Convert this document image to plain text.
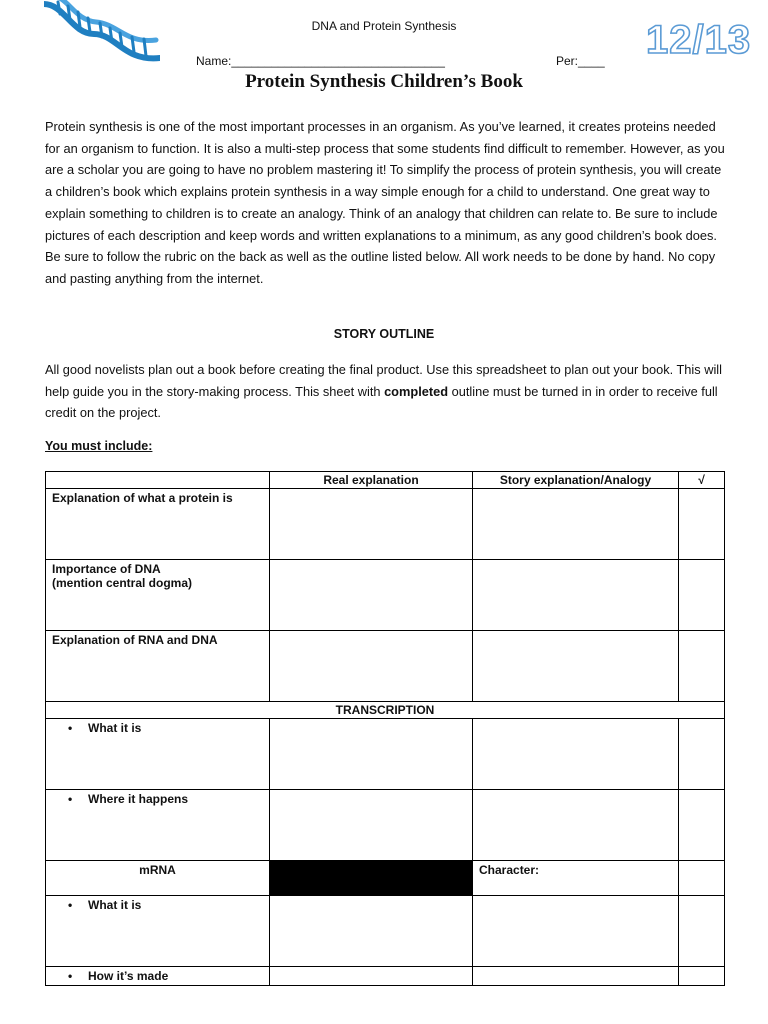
DNA and Protein Synthesis
Name:________________________________	Per:____ 12/13
Protein Synthesis Children’s Book

Protein synthesis is one of the most important processes in an organism. As you’ve learned, it creates proteins needed for an organism to function. It is also a multi-step process that some students find difficult to remember. However, as you are a scholar you are going to have no problem mastering it! To simplify the process of protein synthesis, you will create a children’s book which explains protein synthesis in a way simple enough for a child to understand. One great way to explain something to children is to create an analogy. Think of an analogy that children can relate to. Be sure to include pictures of each description and keep words and written explanations to a minimum, as any good children’s book does. Be sure to follow the rubric on the back as well as the outline listed below. All work needs to be done by hand. No copy and pasting anything from the internet.

STORY OUTLINE

All good novelists plan out a book before creating the final product. Use this spreadsheet to plan out your book. This will help guide you in the story-making process. This sheet with completed outline must be turned in in order to receive full credit on the project.

You must include:
	Real explanation	Story explanation/Analogy	√
Explanation of what a protein is			

Importance of DNA
(mention central dogma)			

Explanation of RNA and DNA			
TRANSCRIPTION			
• What it is			
• Where it happens			
mRNA		Character:	
• What it is			
• How it’s made			
